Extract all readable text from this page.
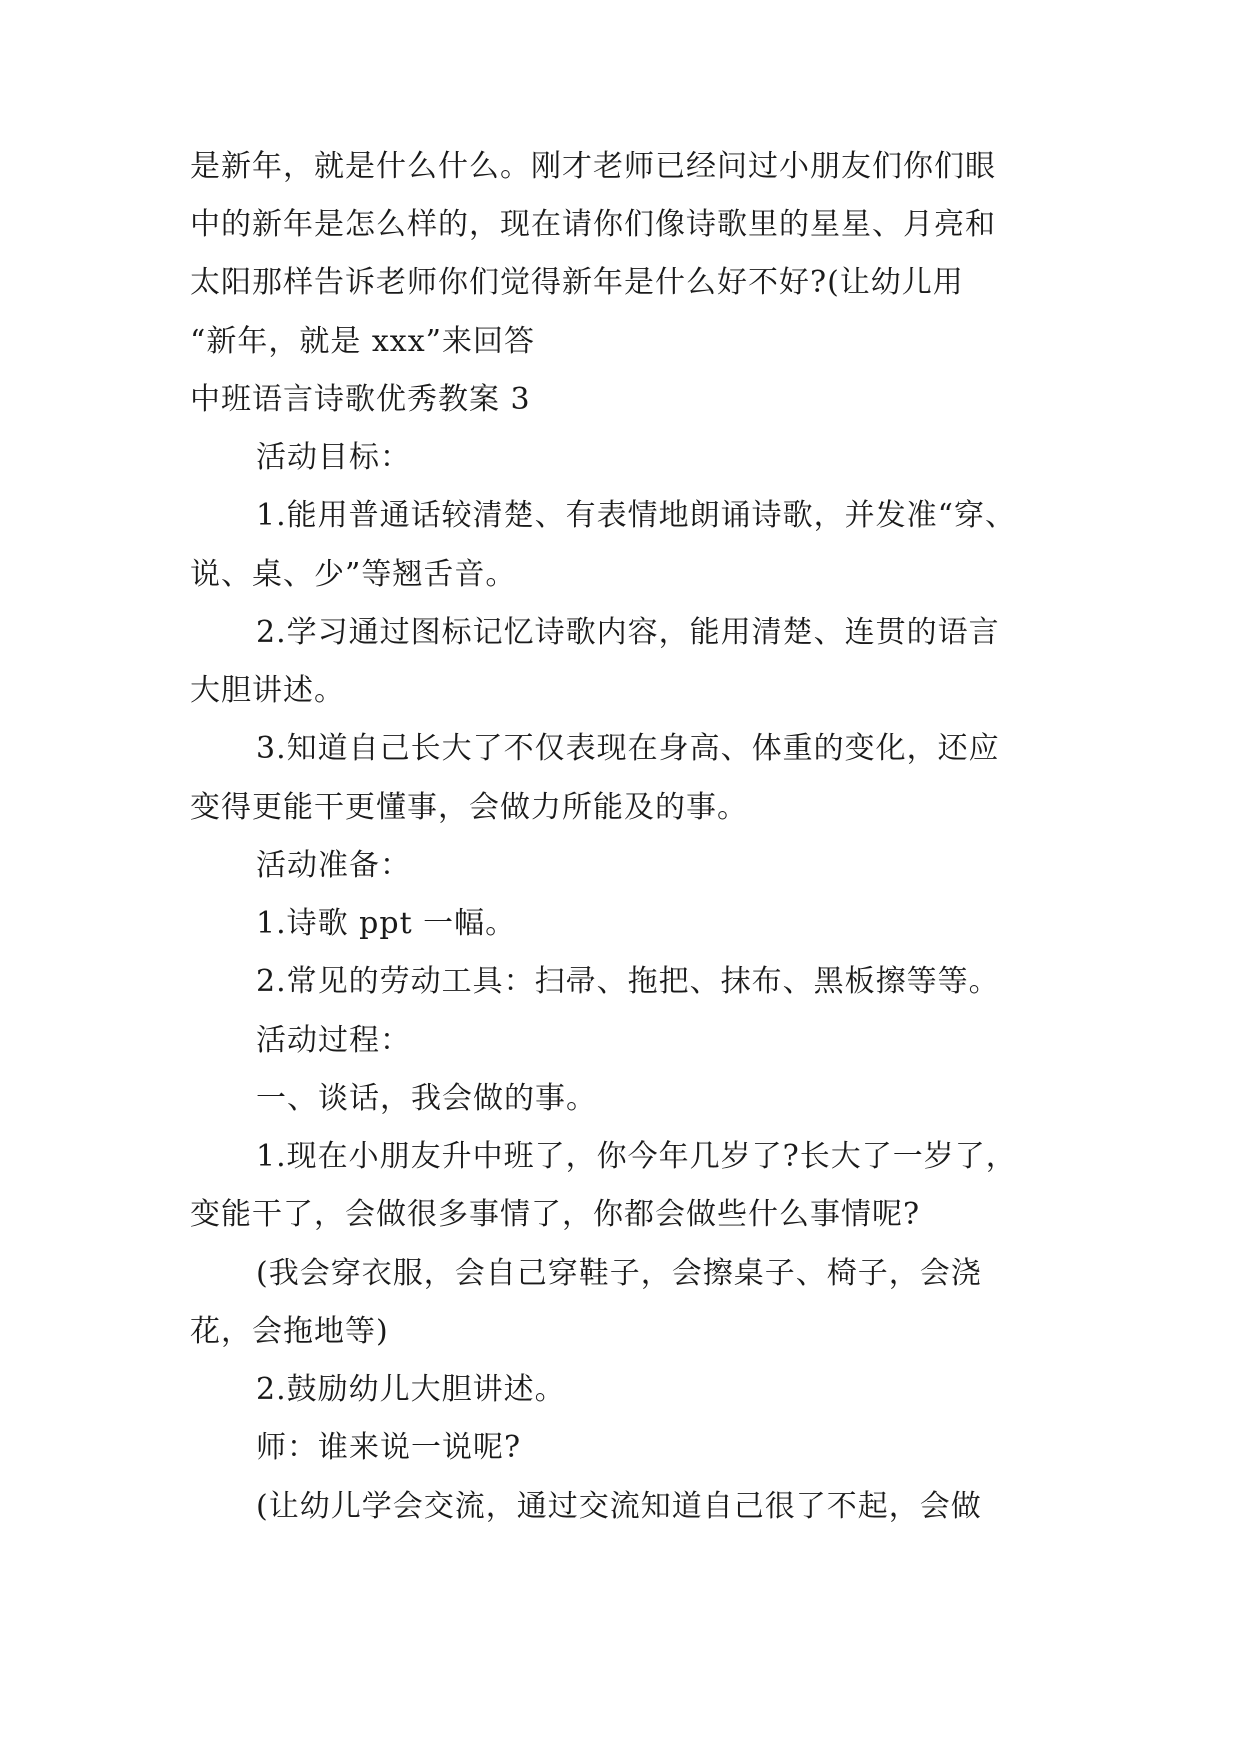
是新年，就是什么什么。刚才老师已经问过小朋友们你们眼
中的新年是怎么样的，现在请你们像诗歌里的星星、月亮和
太阳那样告诉老师你们觉得新年是什么好不好?(让幼儿用
“新年，就是 xxx”来回答
中班语言诗歌优秀教案 3
活动目标：
1.能用普通话较清楚、有表情地朗诵诗歌，并发准“穿、
说、桌、少”等翘舌音。
2.学习通过图标记忆诗歌内容，能用清楚、连贯的语言
大胆讲述。
3.知道自己长大了不仅表现在身高、体重的变化，还应
变得更能干更懂事，会做力所能及的事。
活动准备：
1.诗歌 ppt 一幅。
2.常见的劳动工具：扫帚、拖把、抹布、黑板擦等等。
活动过程：
一、谈话，我会做的事。
1.现在小朋友升中班了，你今年几岁了?长大了一岁了，
变能干了，会做很多事情了，你都会做些什么事情呢?
(我会穿衣服，会自己穿鞋子，会擦桌子、椅子，会浇
花，会拖地等)
2.鼓励幼儿大胆讲述。
师：谁来说一说呢?
(让幼儿学会交流，通过交流知道自己很了不起，会做
